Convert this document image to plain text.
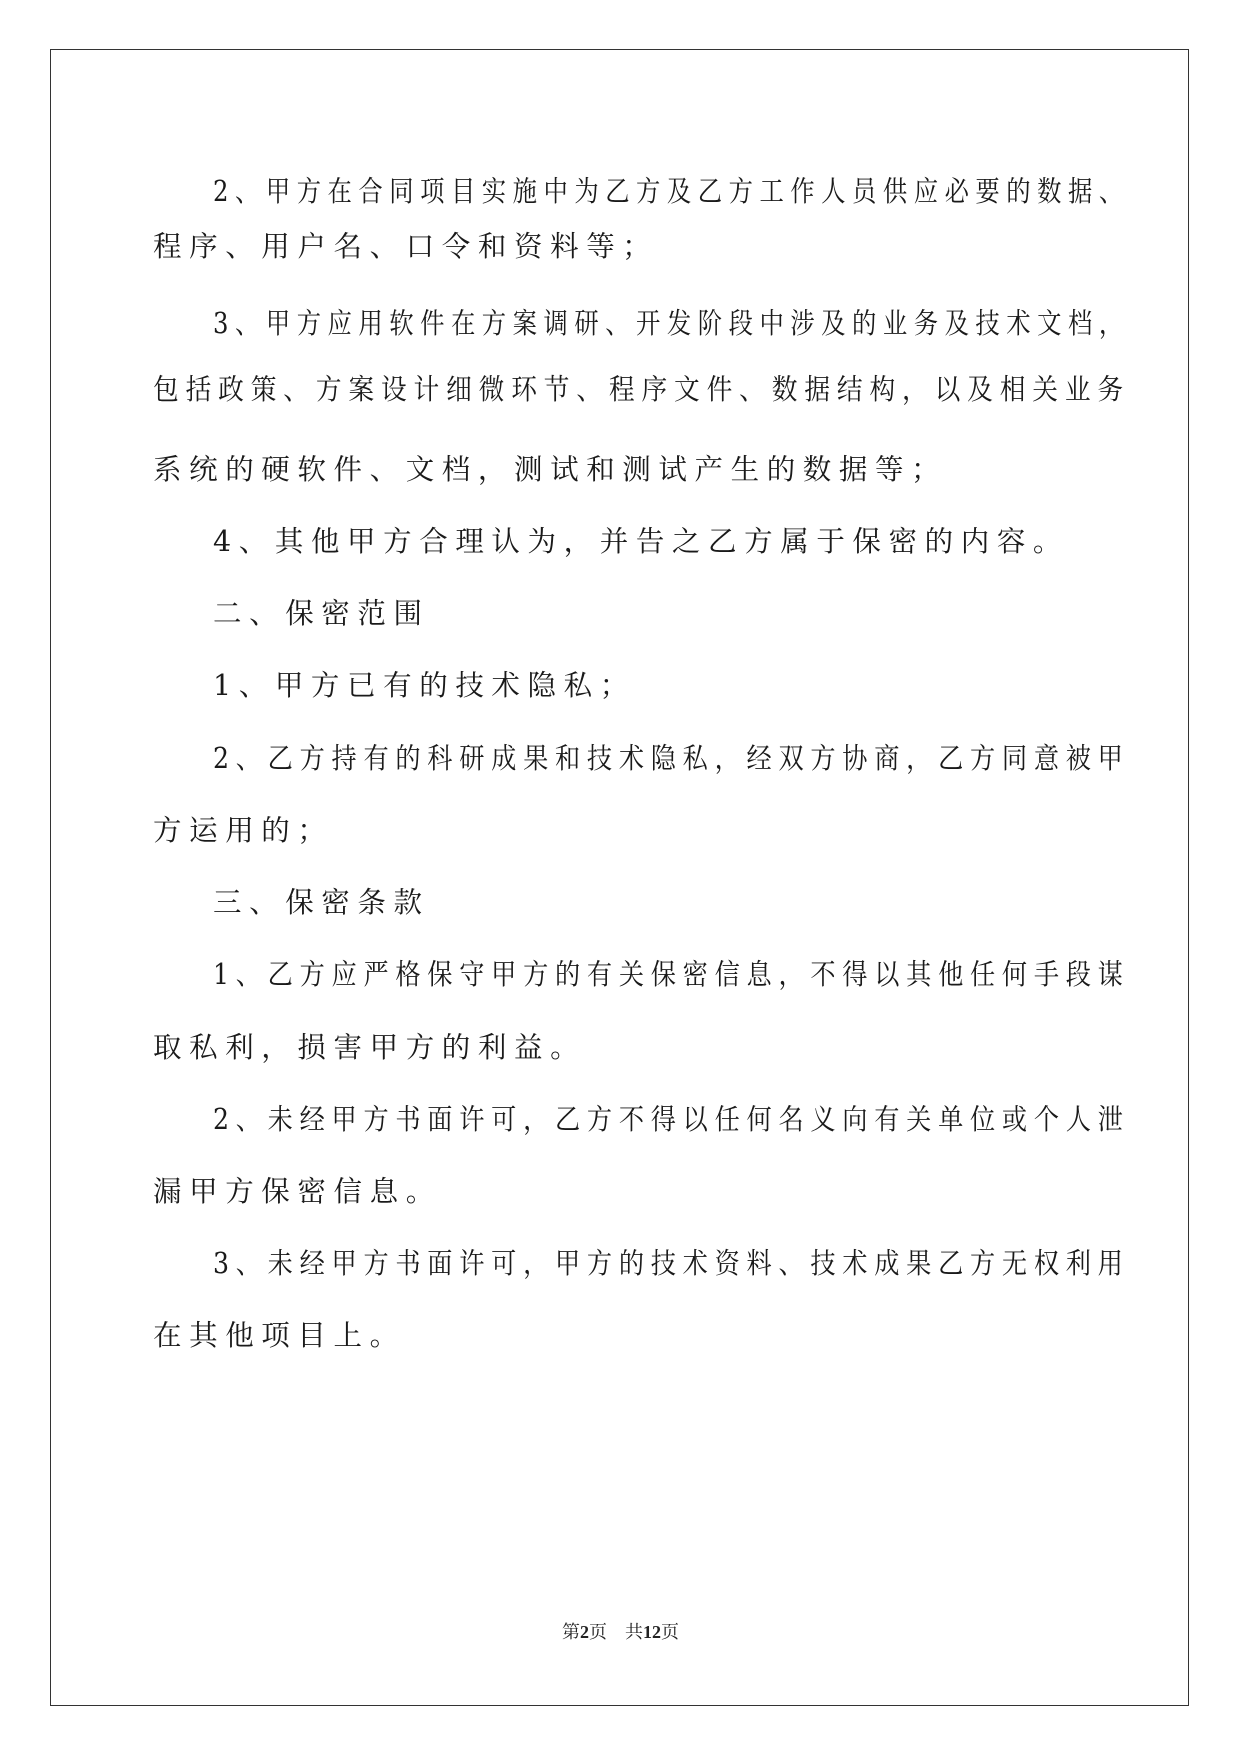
2、甲方在合同项目实施中为乙方及乙方工作人员供应必要的数据、
程序、用户名、口令和资料等；
3、甲方应用软件在方案调研、开发阶段中涉及的业务及技术文档，
包括政策、方案设计细微环节、程序文件、数据结构，以及相关业务
系统的硬软件、文档，测试和测试产生的数据等；
4、其他甲方合理认为，并告之乙方属于保密的内容。
二、保密范围
1、甲方已有的技术隐私；
2、乙方持有的科研成果和技术隐私，经双方协商，乙方同意被甲
方运用的；
三、保密条款
1、乙方应严格保守甲方的有关保密信息，不得以其他任何手段谋
取私利，损害甲方的利益。
2、未经甲方书面许可，乙方不得以任何名义向有关单位或个人泄
漏甲方保密信息。
3、未经甲方书面许可，甲方的技术资料、技术成果乙方无权利用
在其他项目上。
第2页 共12页
